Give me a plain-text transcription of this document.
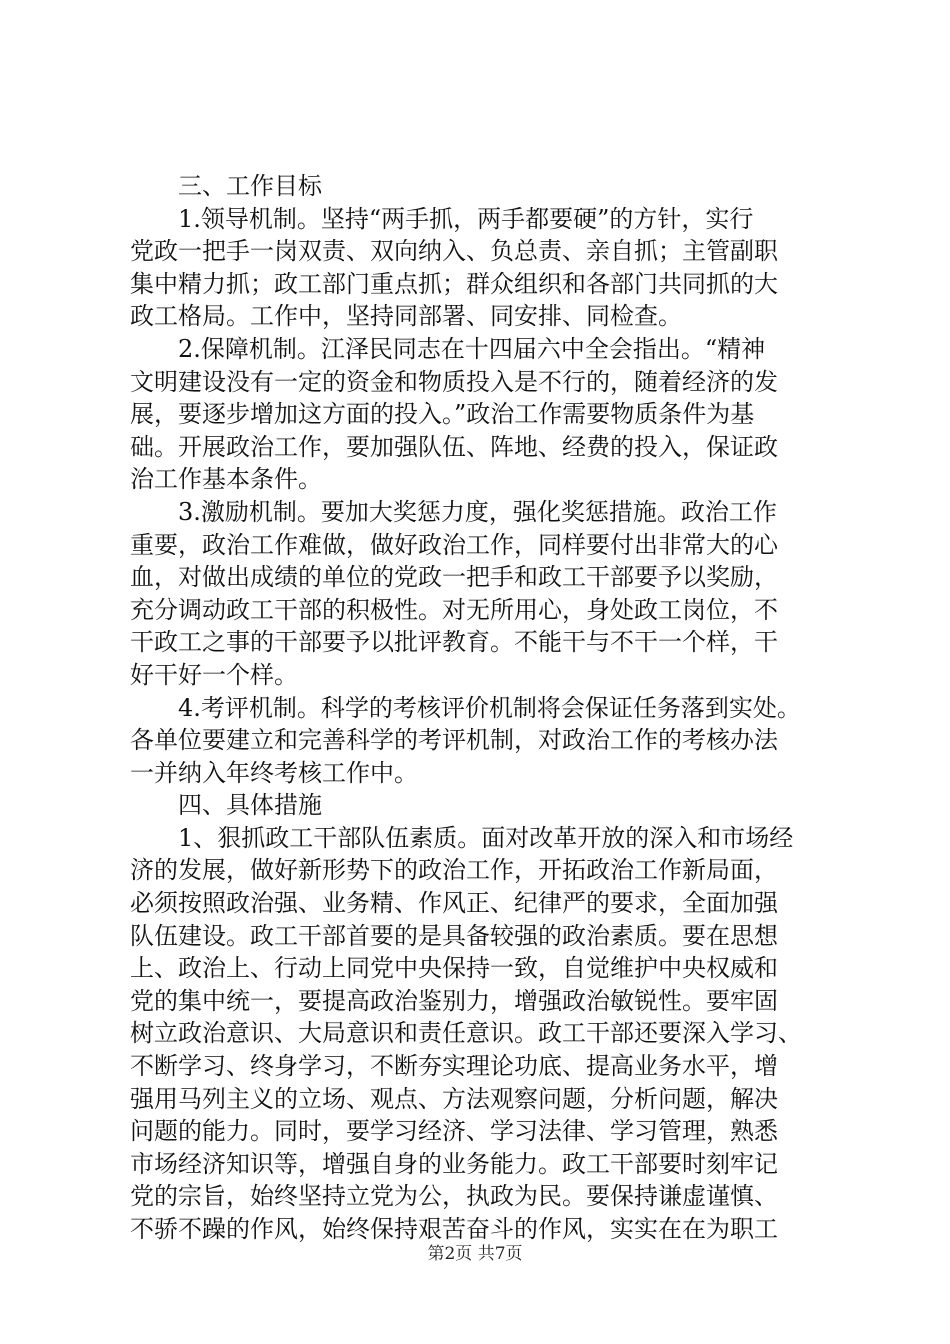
三、工作目标
1.领导机制。坚持“两手抓，两手都要硬”的方针，实行
党政一把手一岗双责、双向纳入、负总责、亲自抓；主管副职
集中精力抓；政工部门重点抓；群众组织和各部门共同抓的大
政工格局。工作中，坚持同部署、同安排、同检查。
2.保障机制。江泽民同志在十四届六中全会指出。“精神
文明建设没有一定的资金和物质投入是不行的，随着经济的发
展，要逐步增加这方面的投入。”政治工作需要物质条件为基
础。开展政治工作，要加强队伍、阵地、经费的投入，保证政
治工作基本条件。
3.激励机制。要加大奖惩力度，强化奖惩措施。政治工作
重要，政治工作难做，做好政治工作，同样要付出非常大的心
血，对做出成绩的单位的党政一把手和政工干部要予以奖励，
充分调动政工干部的积极性。对无所用心，身处政工岗位，不
干政工之事的干部要予以批评教育。不能干与不干一个样，干
好干好一个样。
4.考评机制。科学的考核评价机制将会保证任务落到实处。
各单位要建立和完善科学的考评机制，对政治工作的考核办法
一并纳入年终考核工作中。
四、具体措施
1、狠抓政工干部队伍素质。面对改革开放的深入和市场经
济的发展，做好新形势下的政治工作，开拓政治工作新局面，
必须按照政治强、业务精、作风正、纪律严的要求，全面加强
队伍建设。政工干部首要的是具备较强的政治素质。要在思想
上、政治上、行动上同党中央保持一致，自觉维护中央权威和
党的集中统一，要提高政治鉴别力，增强政治敏锐性。要牢固
树立政治意识、大局意识和责任意识。政工干部还要深入学习、
不断学习、终身学习，不断夯实理论功底、提高业务水平，增
强用马列主义的立场、观点、方法观察问题，分析问题，解决
问题的能力。同时，要学习经济、学习法律、学习管理，熟悉
市场经济知识等，增强自身的业务能力。政工干部要时刻牢记
党的宗旨，始终坚持立党为公，执政为民。要保持谦虚谨慎、
不骄不躁的作风，始终保持艰苦奋斗的作风，实实在在为职工
第2页 共7页
